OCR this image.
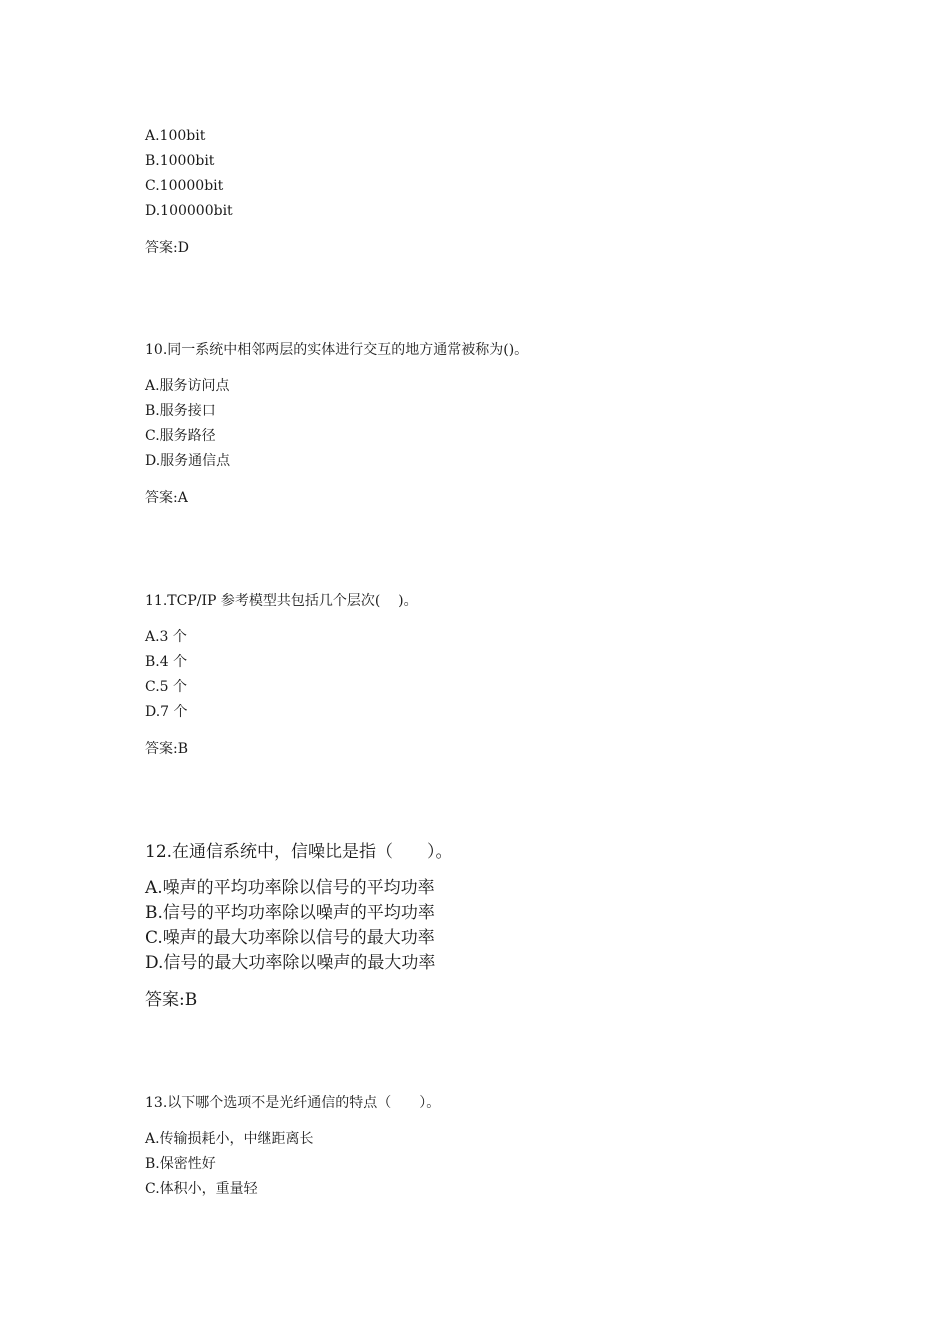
A.100bit
B.1000bit
C.10000bit
D.100000bit
答案:D
10.同一系统中相邻两层的实体进行交互的地方通常被称为()。
A.服务访问点
B.服务接口
C.服务路径
D.服务通信点
答案:A
11.TCP/IP 参考模型共包括几个层次(    )。
A.3 个
B.4 个
C.5 个
D.7 个
答案:B
12.在通信系统中，信噪比是指（　　）。
A.噪声的平均功率除以信号的平均功率
B.信号的平均功率除以噪声的平均功率
C.噪声的最大功率除以信号的最大功率
D.信号的最大功率除以噪声的最大功率
答案:B
13.以下哪个选项不是光纤通信的特点（　　）。
A.传输损耗小，中继距离长
B.保密性好
C.体积小，重量轻
